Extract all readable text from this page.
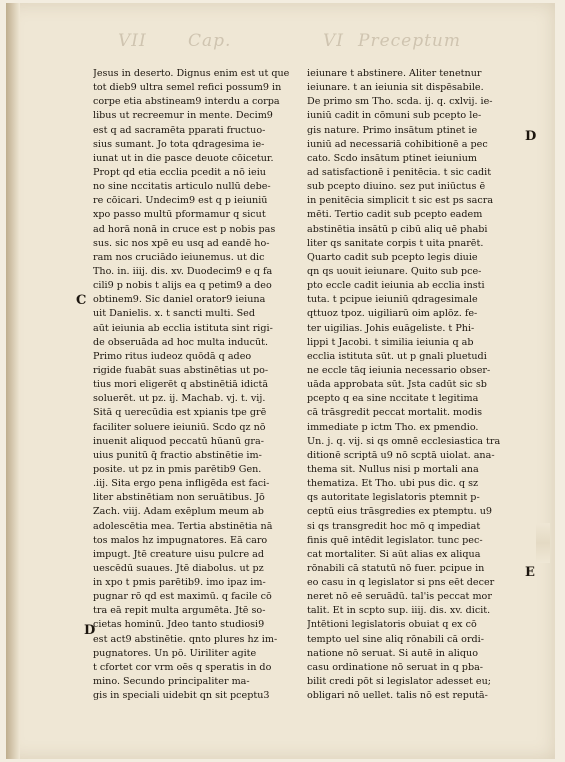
VII Cap.	VI Preceptum
Jesus in deserto. Dignus enim est ut que
tot dieb9 ultra semel refici possum9 in
corpe etia abstineam9 interdu a corpa
libus ut recreemur in mente. Decim9
est q ad sacramēta pparati fructuo-
sius sumant. Jo tota qdragesima ie-
iunat ut in die pasce deuote cōicetur.
Propt qd etia ecclia pcedit a nō ieiu
no sine nccitatis articulo nullū debe-
re cōicari. Undecim9 est q p ieiuniū
xpo passo multū pformamur q sicut
ad horā nonā in cruce est p nobis pas
sus. sic nos xpē eu usq ad eandē ho-
ram nos cruciādo ieiunemus. ut dic
Tho. in. iiij. dis. xv. Duodecim9 e q fa
cili9 p nobis t alijs ea q petim9 a deo
obtinem9. Sic daniel orator9 ieiuna
uit Danielis. x. t sancti multi. Sed
aūt ieiunia ab ecclia istituta sint rigi-
de obseruāda ad hoc multa inducūt.
Primo ritus iudeoz quōdā q adeo
rigide fuabāt suas abstinētias ut po-
tius mori eligerēt q abstinētiā idictā
soluerēt. ut pz. ij. Machab. vj. t. vij.
Sitā q uerecūdia est xpianis tpe grē
faciliter soluere ieiuniū. Scdo qz nō
inuenit aliquod peccatū hūanū gra-
uius punitū q̄ fractio abstinētie im-
posite. ut pz in pmis parētib9 Gen.
.iij. Sita ergo pena infligēda est faci-
liter abstinētiam non seruātibus. Jō
Zach. viij. Adam exēplum meum ab
adolescētia mea. Tertia abstinētia nā
tos malos hz impugnatores. Eā caro
impugt. Jtē creature uisu pulcre ad
uescēdū suaues. Jtē diabolus. ut pz
in xpo t pmis parētib9. imo ipaz im-
pugnar rō qd est maximū. q facile cō
tra eā repit multa argumēta. Jtē so-
cietas hominū. Jdeo tanto studiosi9
est act9 abstinētie. qnto plures hz im-
pugnatores. Un pō. Uiriliter agite
t cfortet cor vrm oēs q speratis in do
mino. Secundo principaliter ma-
gis in speciali uidebit qn sit pceptu3
ieiunare t abstinere. Aliter tenetnur
ieiunare. t an ieiunia sit dispēsabile.
De primo sm Tho. scda. ij. q. cxlvij. ie-
iuniū cadit in cōmuni sub pcepto le-
gis nature. Primo insātum ptinet ie
iuniū ad necessariā cohibitionē a pec
cato. Scdo insātum ptinet ieiunium
ad satisfactionē i penitēcia. t sic cadit
sub pcepto diuino. sez put iniūctus ē
in penitēcia simplicit t sic est ps sacra
mēti. Tertio cadit sub pcepto eadem
abstinētia insātū p cibū aliq uē phabi
liter qs sanitate corpis t uita pnarēt.
Quarto cadit sub pcepto legis diuie
qn qs uouit ieiunare. Quito sub pce-
pto eccle cadit ieiunia ab ecclia insti
tuta. t pcipue ieiuniū qdragesimale
qttuoz tpoz. uigiliarū oim aplōz. fe-
ter uigilias. Johis euāgeliste. t Phi-
lippi t Jacobi. t similia ieiunia q ab
ecclia istituta sūt. ut p gnali pluetudi
ne eccle tāq ieiunia necessario obser-
uāda approbata sūt. Jsta cadūt sic sb
pcepto q ea sine nccitate t legitima
cā trāsgredit peccat mortalit. modis
immediate p ictm Tho. ex pmendio.
Un. j. q. vij. si qs omnē ecclesiastica tra
ditionē scriptā u9 nō scptā uiolat. ana-
thema sit. Nullus nisi p mortali ana
thematiza. Et Tho. ubi pus dic. q sz
qs autoritate legislatoris ptemnit p-
ceptū eius trāsgredies ex ptemptu. u9
si qs transgredit hoc mō q impediat
finis quē intēdit legislator. tunc pec-
cat mortaliter. Si aūt alias ex aliqua
rōnabili cā statutū nō fuer. pcipue in
eo casu in q legislator si pns eēt decer
neret nō eē seruādū. tal'is peccat mor
talit. Et in scpto sup. iiij. dis. xv. dicit.
Jntētioni legislatoris obuiat q ex cō
tempto uel sine aliq rōnabili cā ordi-
natione nō seruat. Si autē in aliquo
casu ordinatione nō seruat in q pba-
bilit credi pōt si legislator adesset eu;
obligari nō uellet. talis nō est reputā-
C
D
D
E
